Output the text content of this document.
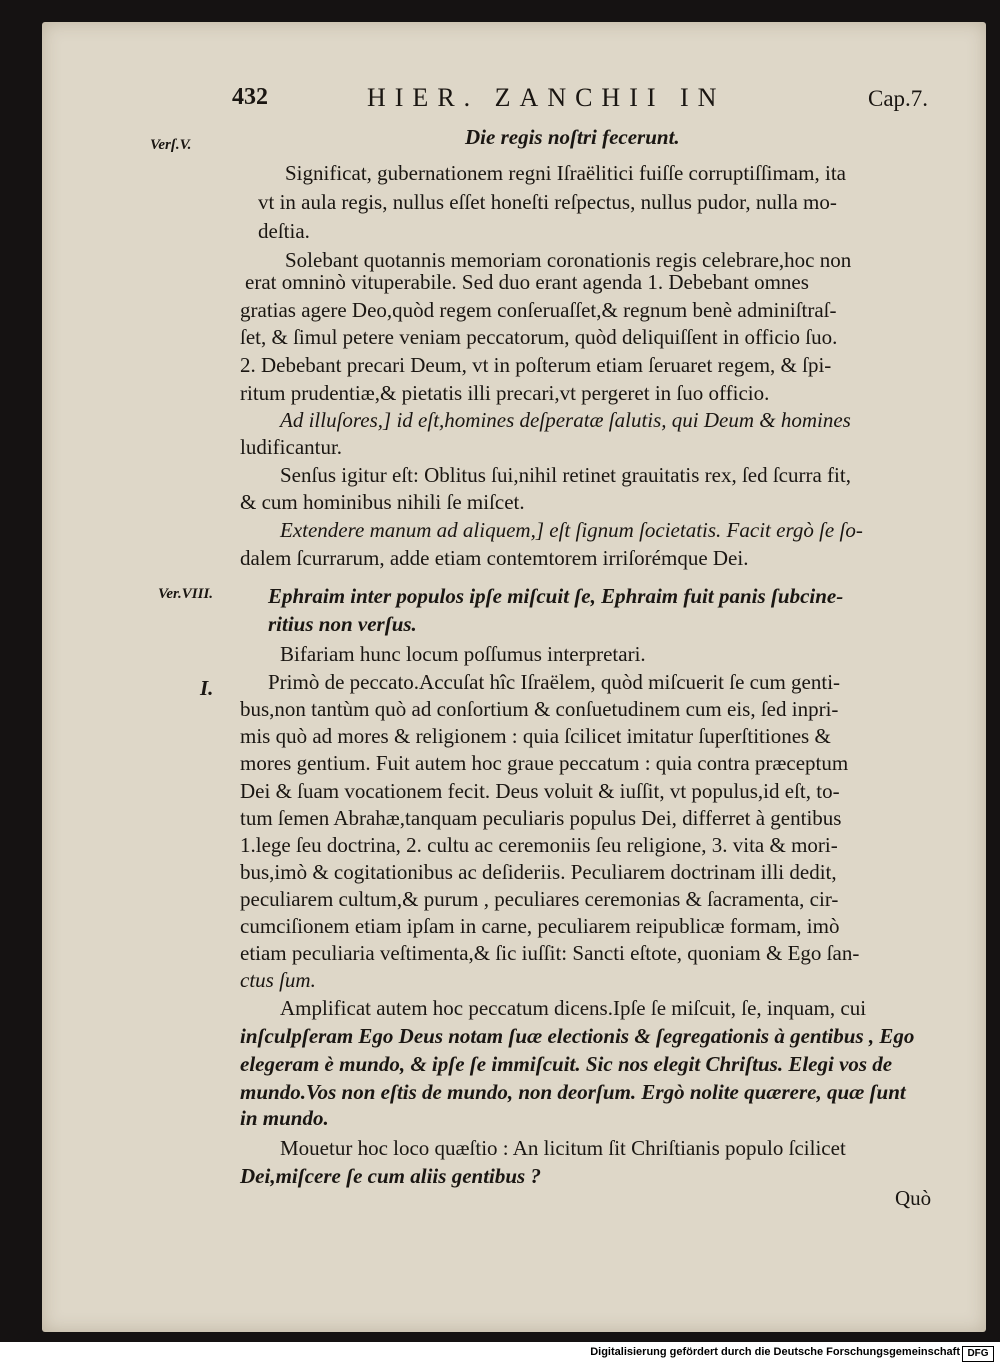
432	HIER. ZANCHII IN	Cap.7.
Verſ.V.
Ver.VIII.
I.
Die regis noſtri fecerunt.
Significat, gubernationem regni Iſraëlitici fuiſſe corruptiſſimam, ita
vt in aula regis, nullus eſſet honeſti reſpectus, nullus pudor, nulla mo-
deſtia.
Solebant quotannis memoriam coronationis regis celebrare,hoc non
erat omninò vituperabile. Sed duo erant agenda 1. Debebant omnes
gratias agere Deo,quòd regem conſeruaſſet,& regnum benè adminiſtraſ-
ſet, & ſimul petere veniam peccatorum, quòd deliquiſſent in officio ſuo.
2. Debebant precari Deum, vt in poſterum etiam ſeruaret regem, & ſpi-
ritum prudentiæ,& pietatis illi precari,vt pergeret in ſuo officio.
Ad illuſores,] id eſt,homines deſperatæ ſalutis, qui Deum & homines
ludificantur.
Senſus igitur eſt: Oblitus ſui,nihil retinet grauitatis rex, ſed ſcurra fit,
& cum hominibus nihili ſe miſcet.
Extendere manum ad aliquem,] eſt ſignum ſocietatis. Facit ergò ſe ſo-
dalem ſcurrarum, adde etiam contemtorem irriſorémque Dei.
Ephraim inter populos ipſe miſcuit ſe, Ephraim fuit panis ſubcine-
ritius non verſus.
Bifariam hunc locum poſſumus interpretari.
Primò de peccato.Accuſat hîc Iſraëlem, quòd miſcuerit ſe cum genti-
bus,non tantùm quò ad conſortium & conſuetudinem cum eis, ſed inpri-
mis quò ad mores & religionem : quia ſcilicet imitatur ſuperſtitiones &
mores gentium. Fuit autem hoc graue peccatum : quia contra præceptum
Dei & ſuam vocationem fecit. Deus voluit & iuſſit, vt populus,id eſt, to-
tum ſemen Abrahæ,tanquam peculiaris populus Dei, differret à gentibus
1.lege ſeu doctrina, 2. cultu ac ceremoniis ſeu religione, 3. vita & mori-
bus,imò & cogitationibus ac deſideriis. Peculiarem doctrinam illi dedit,
peculiarem cultum,& purum , peculiares ceremonias & ſacramenta, cir-
cumciſionem etiam ipſam in carne, peculiarem reipublicæ formam, imò
etiam peculiaria veſtimenta,& ſic iuſſit: Sancti eſtote, quoniam & Ego ſan-
ctus ſum.
Amplificat autem hoc peccatum dicens.Ipſe ſe miſcuit, ſe, inquam, cui
inſculpſeram Ego Deus notam ſuæ electionis & ſegregationis à gentibus , Ego
elegeram è mundo, & ipſe ſe immiſcuit. Sic nos elegit Chriſtus. Elegi vos de
mundo.Vos non eſtis de mundo, non deorſum. Ergò nolite quærere, quæ ſunt
in mundo.
Mouetur hoc loco quæſtio : An licitum ſit Chriſtianis populo ſcilicet
Dei,miſcere ſe cum aliis gentibus ?
Quò
Digitalisierung gefördert durch die Deutsche Forschungsgemeinschaft DFG
